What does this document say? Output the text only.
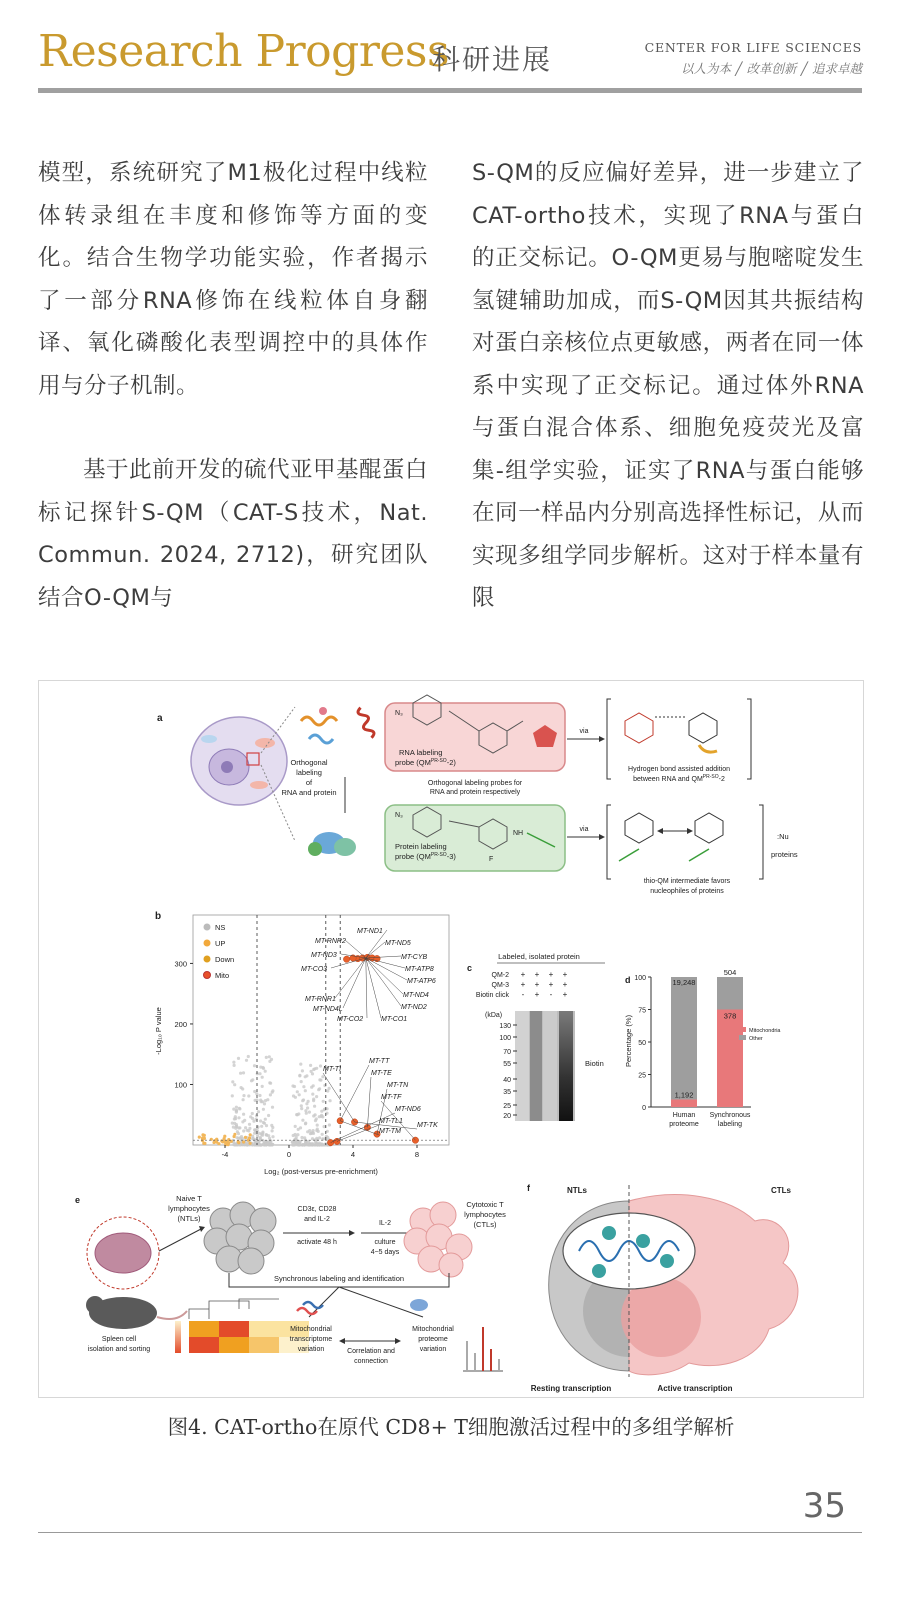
Research Progress
科研进展	CENTER FOR LIFE SCIENCES
以人为本 ╱ 改革创新 ╱ 追求卓越

模型，系统研究了M1极化过程中线粒体转录组在丰度和修饰等方面的变化。结合生物学功能实验，作者揭示了一部分RNA修饰在线粒体自身翻译、氧化磷酸化表型调控中的具体作用与分子机制。

基于此前开发的硫代亚甲基醌蛋白标记探针S-QM（CAT-S技术，Nat. Commun. 2024, 2712)，研究团队结合O-QM与

S-QM的反应偏好差异，进一步建立了CAT-ortho技术，实现了RNA与蛋白的正交标记。O-QM更易与胞嘧啶发生氢键辅助加成，而S-QM因其共振结构对蛋白亲核位点更敏感，两者在同一体系中实现了正交标记。通过体外RNA与蛋白混合体系、细胞免疫荧光及富集-组学实验，证实了RNA与蛋白能够在同一样品内分别高选择性标记，从而实现多组学同步解析。这对于样本量有限

a
Orthogonal
labeling
of
RNA and protein
N₃
RNA labeling
probe $(QM^{PR-SO}-2)$
Orthogonal labeling probes for
RNA and protein respectively
N₃
NH
F
Protein labeling
probe $(QM^{PR-SO}-3)$
via
via
Hydrogen bond assisted addition
between RNA and $QM^{PR-SO}-2$
:Nu
proteins
thio-QM intermediate favors
nucleophiles of proteins
b
100
200
300
-4	0	4	8
NS
UP
Down
Mito
-Log₁₀ P value
Log₂ (post-versus pre-enrichment)
MT-ND1
MT-RNR2	MT-ND5
MT-ND3	MT-CYB
MT-CO3	MT-ATP8
MT-ATP6
MT-RNR1
MT-ND4
MT-ND4L	MT-ND2
MT-CO2	MT-CO1
MT-TT
MT-TI
MT-TE
MT-TN
MT-TF
MT-ND6
MT-TL1
MT-TM
MT-TK
c
Labeled, isolated protein
QM-2 + + + +
QM-3 + + + +
Biotin click - + - +
(kDa)
130
100
70
55
40
35
25
20
Biotin
d
Percentage (%)
0
25
50
75
100
Human
proteome
Synchronous
labeling
19,248
504
378
1,192
Mitochondria
Other
e	Naive T
lymphocytes
(NTLs)
CD3ε, CD28
and IL-2
activate 48 h
IL-2
culture
4~5 days
Cytotoxic T
lymphocytes
(CTLs)
Synchronous labeling and identification
Spleen cell
isolation and sorting
Mitochondrial
transcriptome
variation	Correlation and
connection
Mitochondrial
proteome
variation
f	NTLs	CTLs
Resting transcription	Active transcription
图4. CAT-ortho在原代 CD8+ T细胞激活过程中的多组学解析
35
